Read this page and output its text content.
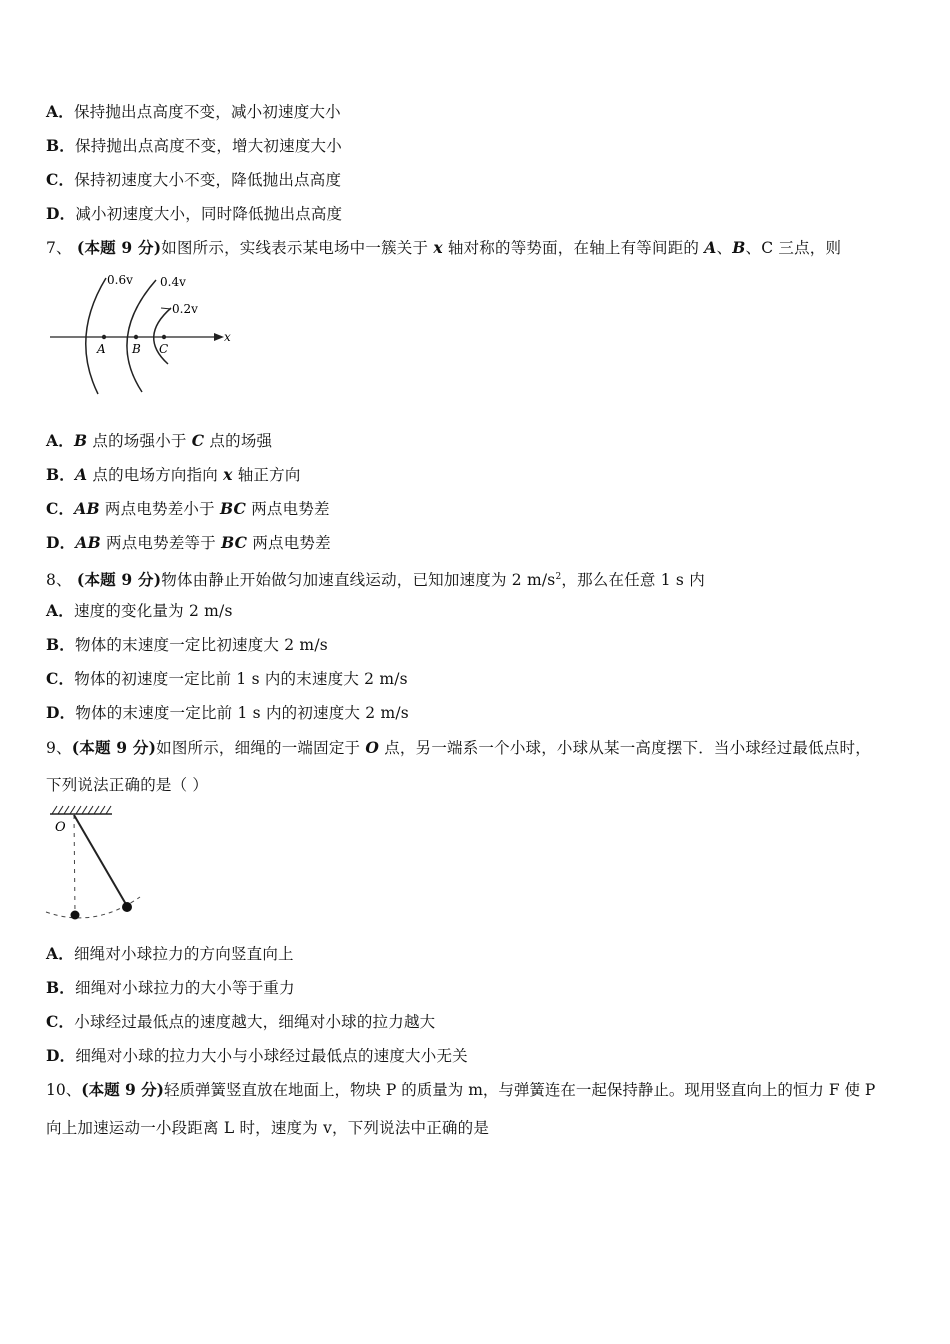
A．保持抛出点高度不变，减小初速度大小
B．保持抛出点高度不变，增大初速度大小
C．保持初速度大小不变，降低抛出点高度
D．减小初速度大小，同时降低抛出点高度
7、 (本题 9 分)如图所示，实线表示某电场中一簇关于 x 轴对称的等势面，在轴上有等间距的 A、B、C 三点，则
0.6v 0.4v
0.2v
A B C
x
A．B 点的场强小于 C 点的场强
B．A 点的电场方向指向 x 轴正方向
C．AB 两点电势差小于 BC 两点电势差
D．AB 两点电势差等于 BC 两点电势差
8、 (本题 9 分)物体由静止开始做匀加速直线运动，已知加速度为 2 $m/s^2$，那么在任意 1 s 内
A．速度的变化量为 2 m/s
B．物体的末速度一定比初速度大 2 m/s
C．物体的初速度一定比前 1 s 内的末速度大 2 m/s
D．物体的末速度一定比前 1 s 内的初速度大 2 m/s
9、(本题 9 分)如图所示，细绳的一端固定于 O 点，另一端系一个小球，小球从某一高度摆下．当小球经过最低点时，
下列说法正确的是（ ）
O
A．细绳对小球拉力的方向竖直向上
B．细绳对小球拉力的大小等于重力
C．小球经过最低点的速度越大，细绳对小球的拉力越大
D．细绳对小球的拉力大小与小球经过最低点的速度大小无关
10、(本题 9 分)轻质弹簧竖直放在地面上，物块 P 的质量为 m，与弹簧连在一起保持静止。现用竖直向上的恒力 F 使 P
向上加速运动一小段距离 L 时，速度为 v，下列说法中正确的是
